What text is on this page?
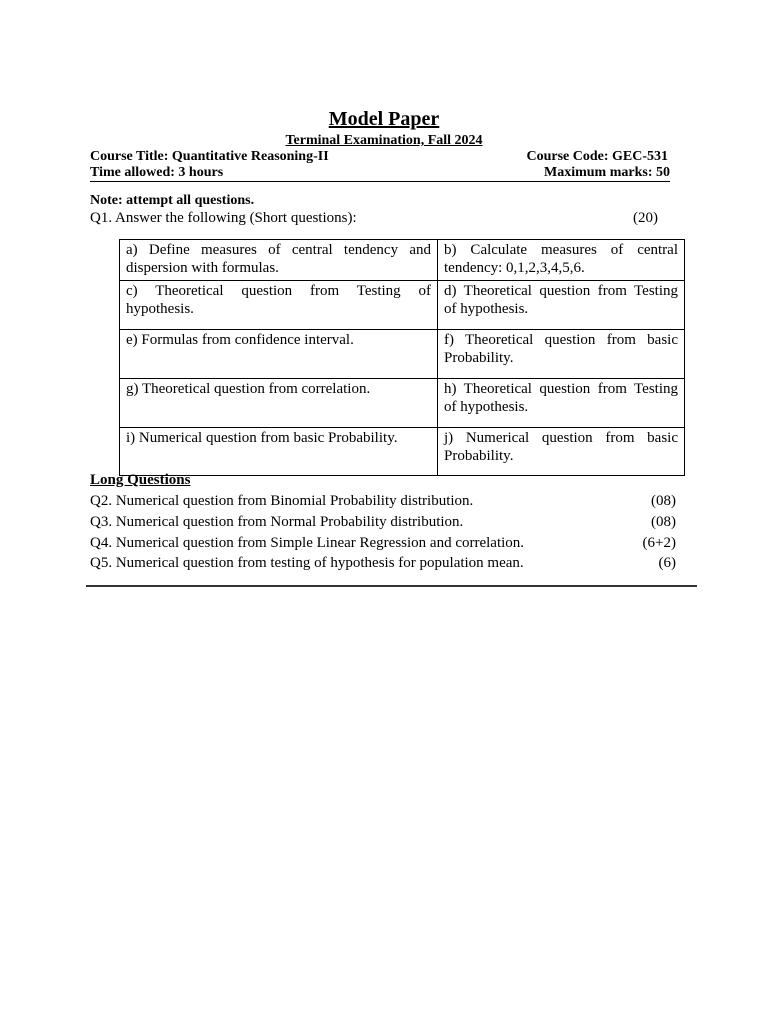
Model Paper
Terminal Examination, Fall 2024
Course Title: Quantitative Reasoning-II	Course Code: GEC-531
Time allowed: 3 hours	Maximum marks: 50
Note: attempt all questions.
Q1. Answer the following (Short questions):	(20)
a) Define measures of central tendency and dispersion with formulas.	b) Calculate measures of central tendency: 0,1,2,3,4,5,6.
c) Theoretical question from Testing of hypothesis.	d) Theoretical question from Testing of hypothesis.
e) Formulas from confidence interval.	f) Theoretical question from basic Probability.
g) Theoretical question from correlation.	h) Theoretical question from Testing of hypothesis.
i) Numerical question from basic Probability.	j) Numerical question from basic Probability.
Long Questions
Q2. Numerical question from Binomial Probability distribution.	(08)
Q3. Numerical question from Normal Probability distribution.	(08)
Q4. Numerical question from Simple Linear Regression and correlation.	(6+2)
Q5. Numerical question from testing of hypothesis for population mean.	(6)
